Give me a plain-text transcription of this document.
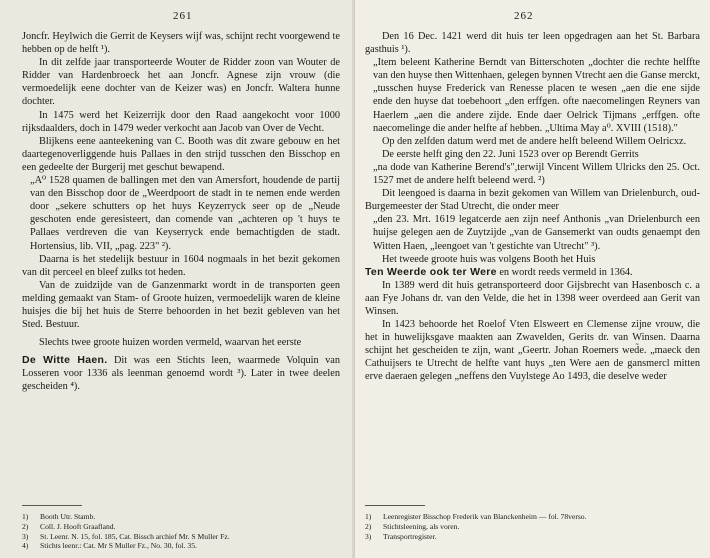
261

Joncfr. Heylwich die Gerrit de Keysers wijf was, schijnt recht voorgewend te hebben op de helft ¹).

In dit zelfde jaar transporteerde Wouter de Ridder zoon van Wouter de Ridder van Hardenbroeck het aan Joncfr. Agnese zijn vrouw (die vermoedelijk eene dochter van de Keizer was) en Joncfr. Waltera hunne dochter.

In 1475 werd het Keizerrijk door den Raad aangekocht voor 1000 rijksdaalders, doch in 1479 weder verkocht aan Jacob van Over de Vecht.

Blijkens eene aanteekening van C. Booth was dit zware gebouw en het daartegenoverliggende huis Pallaes in den strijd tusschen den Bisschop en een gedeelte der Burgerij met geschut bewapend.

„A⁰ 1528 quamen de ballingen met den van Amersfort, houdende de partij van den Bisschop door de „Weerdpoort de stadt in te nemen ende werden door „sekere schutters op het huys Keyzerryck seer op de „Neude geschoten ende geresisteert, dan comende van „achteren op 't huys te Pallaes verdreven die van Keyserryck ende bemachtigden de stadt. Hortensius, lib. VII, „pag. 223" ²).

Daarna is het stedelijk bestuur in 1604 nogmaals in het bezit gekomen van dit perceel en bleef zulks tot heden.

Van de zuidzijde van de Ganzenmarkt wordt in de transporten geen melding gemaakt van Stam- of Groote huizen, vermoedelijk waren de kleine huisjes die bij het huis de Sterre behoorden in het bezit gebleven van het Sted. Bestuur.

Slechts twee groote huizen worden vermeld, waarvan het eerste

De Witte Haen. Dit was een Stichts leen, waarmede Volquin van Losseren voor 1336 als leenman genoemd wordt ³). Later in twee deelen gescheiden ⁴).

1)	Booth Utr. Stamb.
2)	Coll. J. Hooft Graafland.
3)	St. Leenr. N. 15, fol. 185, Cat. Bissch archief Mr. S Muller Fz.
4)	Stichts leenr.: Cat. Mr S Muller Fz., No. 30, fol. 35.
262

Den 16 Dec. 1421 werd dit huis ter leen opgedragen aan het St. Barbara gasthuis ¹).

„Item beleent Katherine Berndt van Bitterschoten „dochter die rechte helffte van den huyse then Wittenhaen, gelegen bynnen Vtrecht aen die Ganse merckt, „tusschen huyse Frederick van Renesse placen te wesen „aen die ene sijde ende den huyse dat toebehoort „den erffgen. ofte naecomelingen Reyners van Haerlem „aen die andere zijde. Ende daer Oelrick Tijmans „erffgen. ofte naecomelinge die ander helfte af hebben. „Ultima May a⁰. XVIII (1518)."

Op den zelfden datum werd met de andere helft beleend Willem Oelricxz.

De eerste helft ging den 22. Juni 1523 over op Berendt Gerrits

„na dode van Katherine Berend's",terwijl Vincent Willem Ulricks den 25. Oct. 1527 met de andere helft beleend werd. ²)

Dit leengoed is daarna in bezit gekomen van Willem van Drielenburch, oud-Burgemeester der Stad Utrecht, die onder meer

„den 23. Mrt. 1619 legatcerde aen zijn neef Anthonis „van Drielenburch een huijse gelegen aen de Zuytzijde „van de Gansemerkt van oudts genaempt den Witten Haen, „leengoet van 't gestichte van Utrecht" ³).

Het tweede groote huis was volgens Booth het Huis

Ten Weerde ook ter Were en wordt reeds vermeld in 1364.

In 1389 werd dit huis getransporteerd door Gijsbrecht van Hasenbosch c. a aan Fye Johans dr. van den Velde, die het in 1398 weer overdeed aan Gerit van Winsen.

In 1423 behoorde het Roelof Vten Elsweert en Clemense zijne vrouw, die het in huwelijksgave maakten aan Zwavelden, Gerits dr. van Winsen. Daarna schijnt het gescheiden te zijn, want „Geertr. Johan Roemers wed̃e. „maeck den Cathuijsers te Utrecht de helfte vant huys „ten Were aen de gansmercl mitten erve daeraen gelegen „neffens den Vuylstege Ao 1493, die deselve weder

1)	Leenregister Bisschop Frederik van Blanckenheim — fol. 78verso.
2)	Stichtsleening, als voren.
3)	Transportregister.
